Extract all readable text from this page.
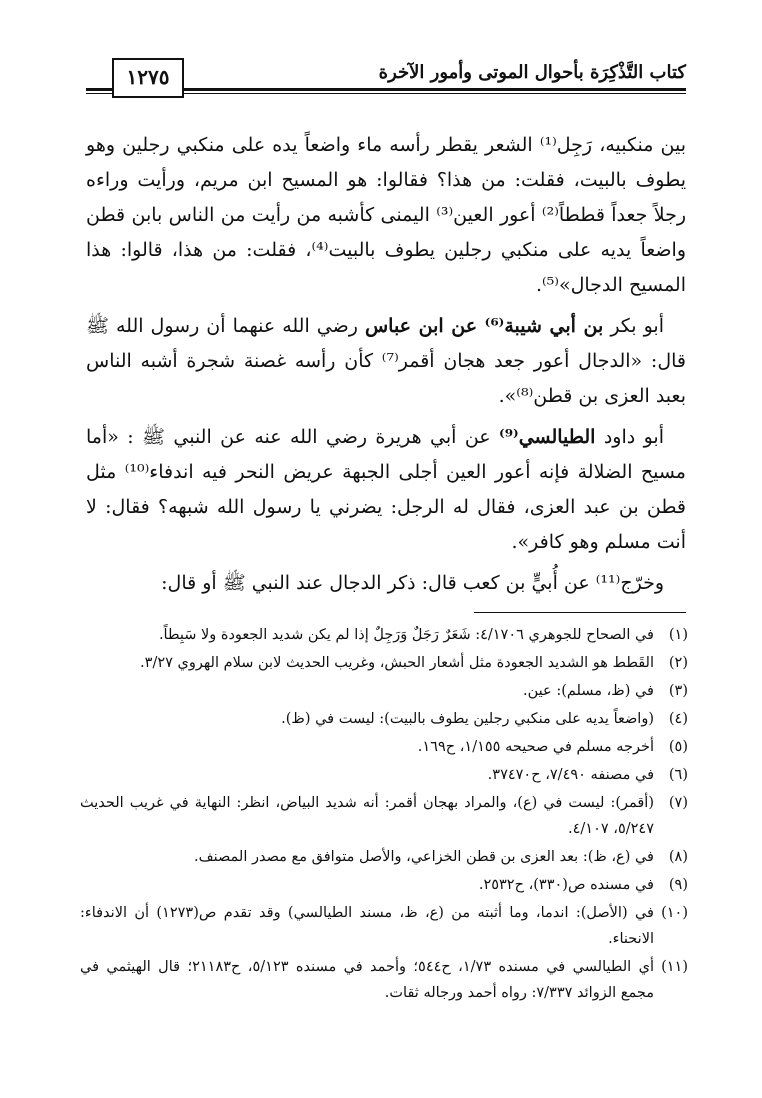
كتاب التَّذْكِرَة بأحوال الموتى وأمور الآخرة
١٢٧٥

بين منكبيه، رَجِل⁽¹⁾ الشعر يقطر رأسه ماء واضعاً يده على منكبي رجلين وهو يطوف بالبيت، فقلت: من هذا؟ فقالوا: هو المسيح ابن مريم، ورأيت وراءه رجلاً جعداً قططاً⁽²⁾ أعور العين⁽³⁾ اليمنى كأشبه من رأيت من الناس بابن قطن واضعاً يديه على منكبي رجلين يطوف بالبيت⁽⁴⁾، فقلت: من هذا، قالوا: هذا المسيح الدجال»⁽⁵⁾.

أبو بكر بن أبي شيبة⁽⁶⁾ عن ابن عباس رضي الله عنهما أن رسول الله ﷺ قال: «الدجال أعور جعد هجان أقمر⁽⁷⁾ كأن رأسه غصنة شجرة أشبه الناس بعبد العزى بن قطن⁽⁸⁾».

أبو داود الطيالسي⁽⁹⁾ عن أبي هريرة رضي الله عنه عن النبي ﷺ : «أما مسيح الضلالة فإنه أعور العين أجلى الجبهة عريض النحر فيه اندفاء⁽¹⁰⁾ مثل قطن بن عبد العزى، فقال له الرجل: يضرني يا رسول الله شبهه؟ فقال: لا أنت مسلم وهو كافر».

وخرّج⁽¹¹⁾ عن أُبيٍّ بن كعب قال: ذكر الدجال عند النبي ﷺ أو قال:

(١)
في الصحاح للجوهري ٤/١٧٠٦: شَعَرٌ رَجَلٌ وَرَجِلٌ إذا لم يكن شديد الجعودة ولا سَبِطاً.
(٢)
القَطط هو الشديد الجعودة مثل أشعار الحبش، وغريب الحديث لابن سلام الهروي ٣/٢٧.
(٣)
في (ظ، مسلم): عين.
(٤)
(واضعاً يديه على منكبي رجلين يطوف بالبيت): ليست في (ظ).
(٥)
أخرجه مسلم في صحيحه ١/١٥٥، ح١٦٩.
(٦)
في مصنفه ٧/٤٩٠، ح٣٧٤٧٠.
(٧)
(أقمر): ليست في (ع)، والمراد بهجان أقمر: أنه شديد البياض، انظر: النهاية في غريب الحديث ٥/٢٤٧، ٤/١٠٧.
(٨)
في (ع، ظ): بعد العزى بن قطن الخزاعي، والأصل متوافق مع مصدر المصنف.
(٩)
في مسنده ص(٣٣٠)، ح٢٥٣٢.
(١٠)
في (الأصل): اندما، وما أثبته من (ع، ظ، مسند الطيالسي) وقد تقدم ص(١٢٧٣) أن الاندفاء: الانحناء.
(١١)
أي الطيالسي في مسنده ١/٧٣، ح٥٤٤؛ وأحمد في مسنده ٥/١٢٣، ح٢١١٨٣؛ قال الهيثمي في مجمع الزوائد ٧/٣٣٧: رواه أحمد ورجاله ثقات.
